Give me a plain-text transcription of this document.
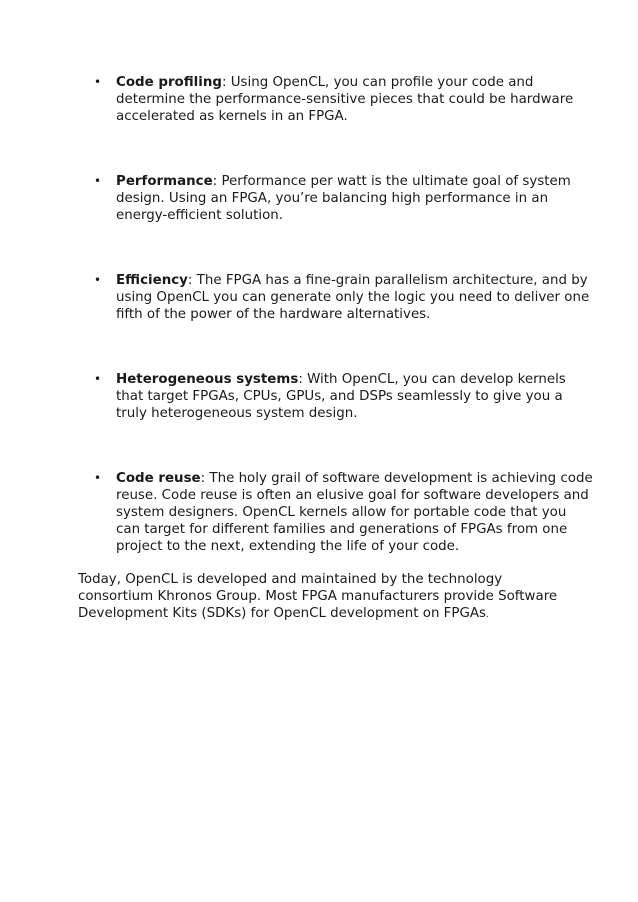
• Code profiling: Using OpenCL, you can profile your code and determine the performance-sensitive pieces that could be hardware accelerated as kernels in an FPGA.
• Performance: Performance per watt is the ultimate goal of system design. Using an FPGA, you’re balancing high performance in an energy-efficient solution.
• Efficiency: The FPGA has a fine-grain parallelism architecture, and by using OpenCL you can generate only the logic you need to deliver one fifth of the power of the hardware alternatives.
• Heterogeneous systems: With OpenCL, you can develop kernels that target FPGAs, CPUs, GPUs, and DSPs seamlessly to give you a truly heterogeneous system design.
• Code reuse: The holy grail of software development is achieving code reuse. Code reuse is often an elusive goal for software developers and system designers. OpenCL kernels allow for portable code that you can target for different families and generations of FPGAs from one project to the next, extending the life of your code.

Today, OpenCL is developed and maintained by the technology consortium Khronos Group. Most FPGA manufacturers provide Software Development Kits (SDKs) for OpenCL development on FPGAs.
